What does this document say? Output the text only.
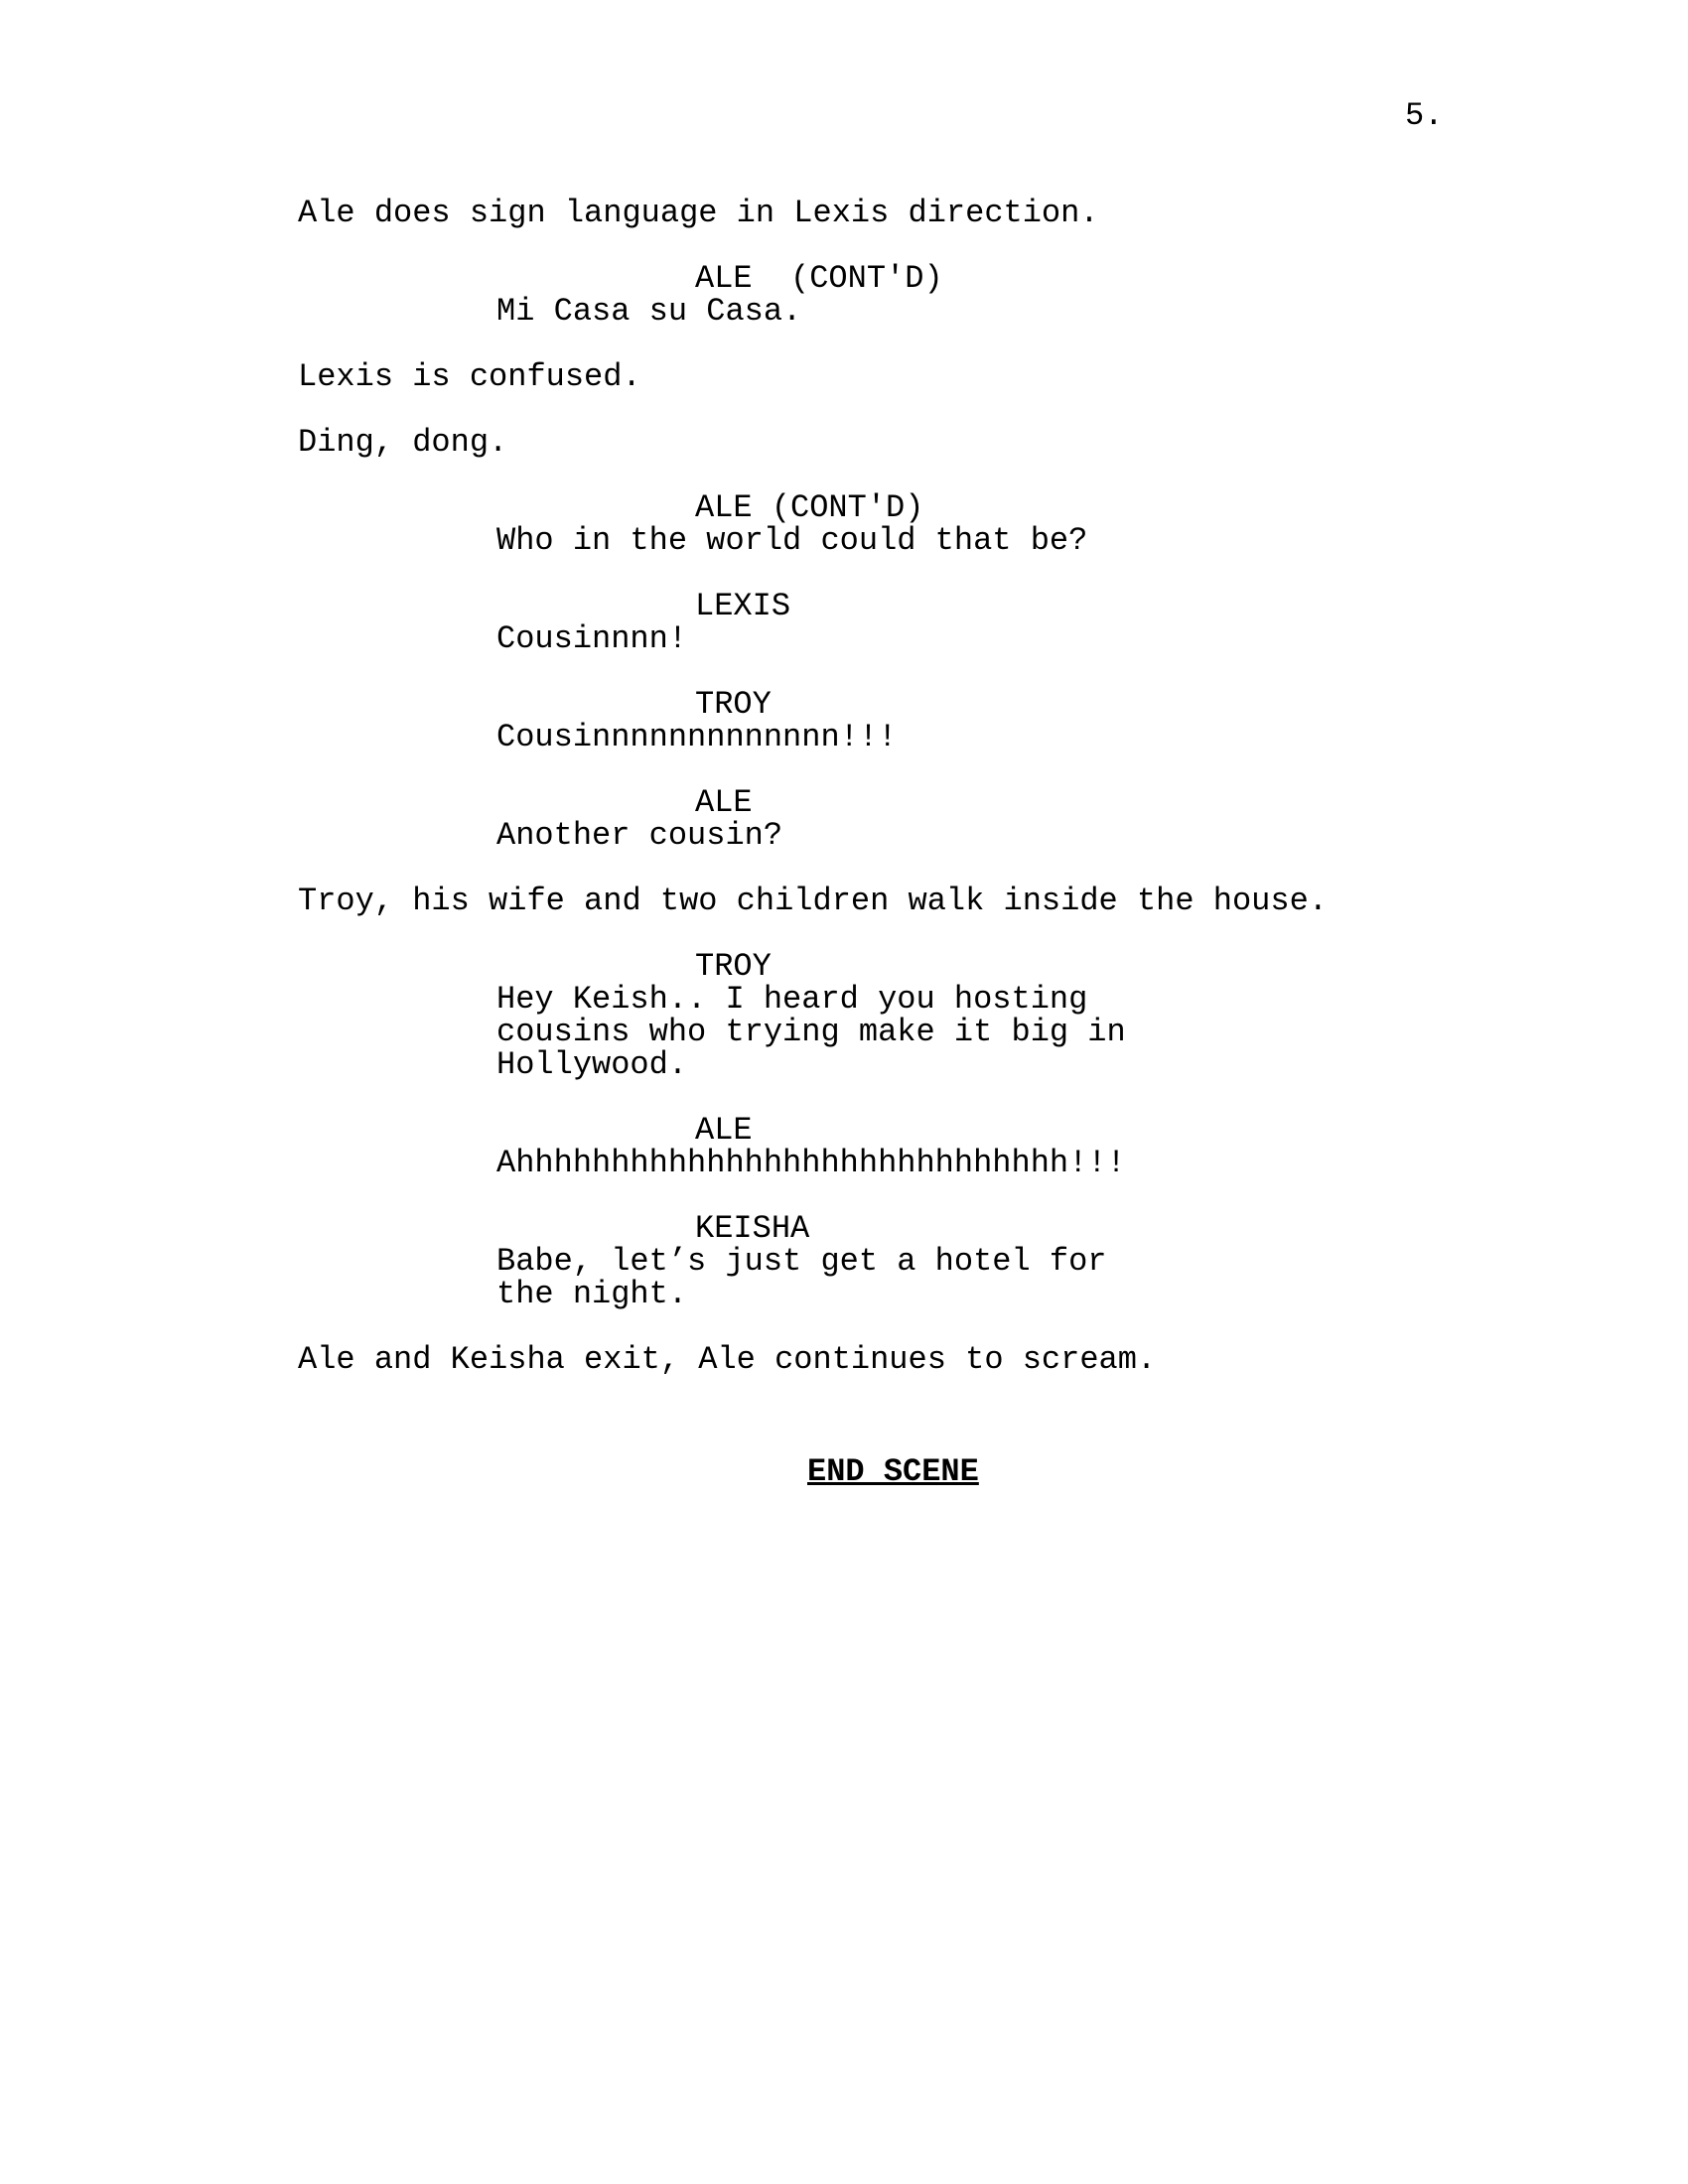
5.
Ale does sign language in Lexis direction.
ALE  (CONT'D)
Mi Casa su Casa.
Lexis is confused.
Ding, dong.
ALE (CONT'D)
Who in the world could that be?
LEXIS
Cousinnnn!
TROY
Cousinnnnnnnnnnnnn!!!
ALE
Another cousin?
Troy, his wife and two children walk inside the house.
TROY
Hey Keish.. I heard you hosting
cousins who trying make it big in
Hollywood.
ALE
Ahhhhhhhhhhhhhhhhhhhhhhhhhhhhh!!!
KEISHA
Babe, let’s just get a hotel for
the night.
Ale and Keisha exit, Ale continues to scream.
END SCENE
